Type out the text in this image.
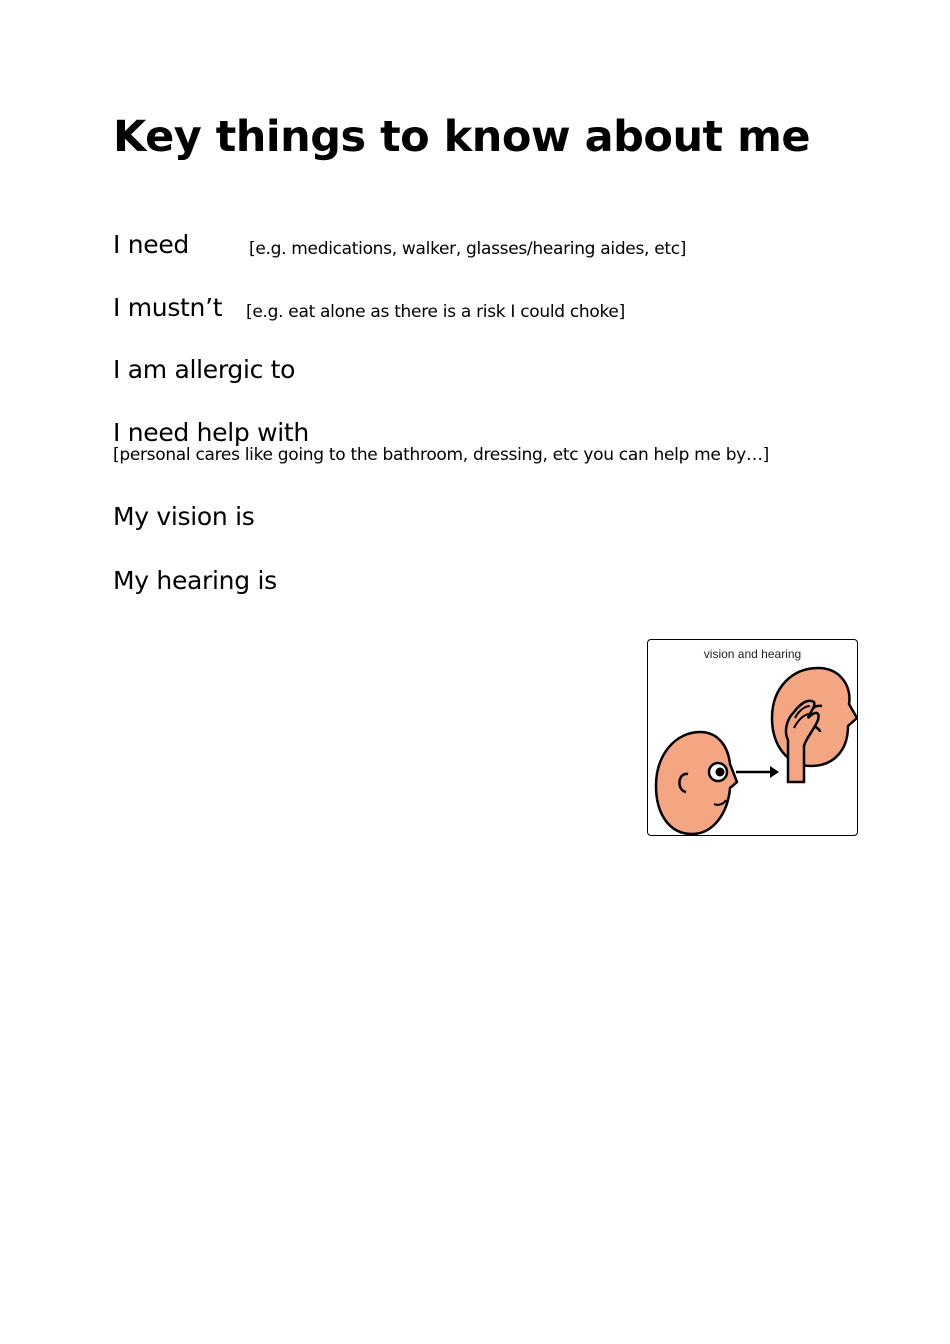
Key things to know about me
I need	[e.g. medications, walker, glasses/hearing aides, etc]
I mustn’t [e.g. eat alone as there is a risk I could choke]
I am allergic to
I need help with
[personal cares like going to the bathroom, dressing, etc you can help me by…]
My vision is
My hearing is
vision and hearing
